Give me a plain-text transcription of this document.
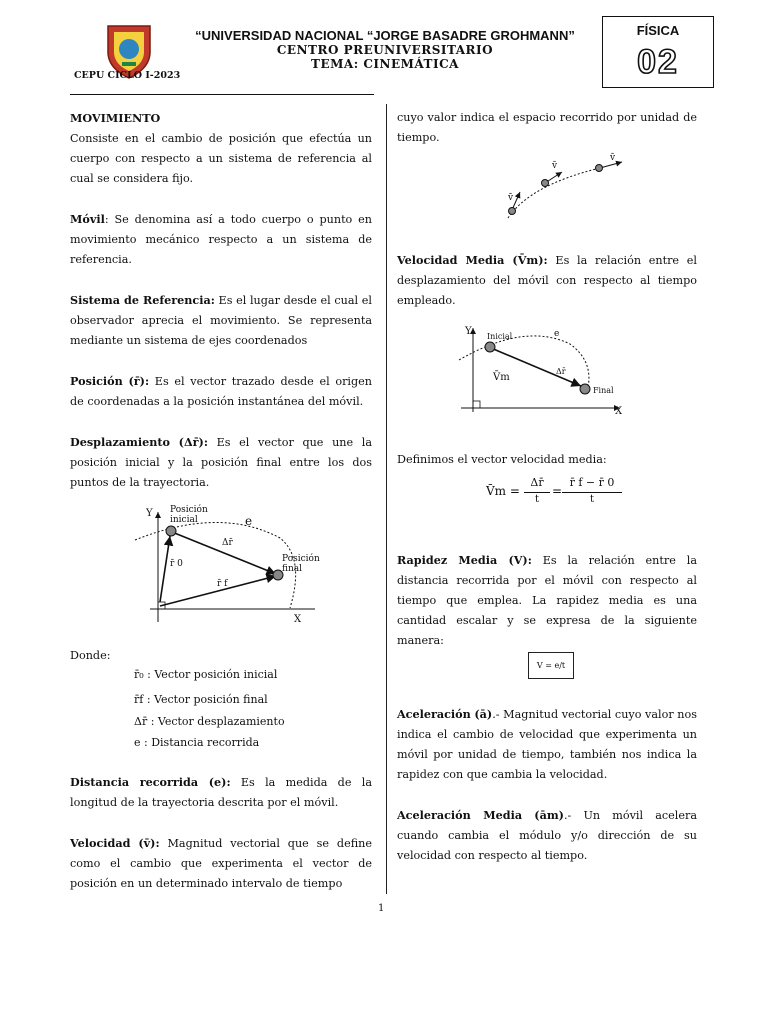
“UNIVERSIDAD NACIONAL “JORGE BASADRE GROHMANN”
CENTRO PREUNIVERSITARIO
TEMA: CINEMÁTICA
CEPU CICLO I-2023
FÍSICA
02

MOVIMIENTO

Consiste en el cambio de posición que efectúa un cuerpo con respecto a un sistema de referencia al cual se considera fijo.

Móvil: Se denomina así a todo cuerpo o punto en movimiento mecánico respecto a un sistema de referencia.

Sistema de Referencia: Es el lugar desde el cual el observador aprecia el movimiento. Se representa mediante un sistema de ejes coordenados

Posición (r̄): Es el vector trazado desde el origen de coordenadas a la posición instantánea del móvil.

Desplazamiento (Δr̄): Es el vector que une la posición inicial y la posición final entre los dos puntos de la trayectoria.

Y
X
Posición
inicial	e
Δr̄
r̄ 0
r̄ f
Posición
final

Donde:

r̄₀ : Vector posición inicial
r̄f : Vector posición final
Δr̄ : Vector desplazamiento
e : Distancia recorrida

Distancia recorrida (e): Es la medida de la longitud de la trayectoria descrita por el móvil.

Velocidad (v̄): Magnitud vectorial que se define como el cambio que experimenta el vector de posición en un determinado intervalo de tiempo

cuyo valor indica el espacio recorrido por unidad de tiempo.

v̄
v̄
v̄

Velocidad Media (V̄m): Es la relación entre el desplazamiento del móvil con respecto al tiempo empleado.

Y
X
Inicial	e
V̄m
Δr̄
Final

Definimos el vector velocidad media:

V̄m =
Δr̄
t
=
r̄ f − r̄ 0
t

Rapidez Media (V): Es la relación entre la distancia recorrida por el móvil con respecto al tiempo que emplea. La rapidez media es una cantidad escalar y se expresa de la siguiente manera:

V = e/t

Aceleración (ā).- Magnitud vectorial cuyo valor nos indica el cambio de velocidad que experimenta un móvil por unidad de tiempo, también nos indica la rapidez con que cambia la velocidad.

Aceleración Media (ām).- Un móvil acelera cuando cambia el módulo y/o dirección de su velocidad con respecto al tiempo.

1
